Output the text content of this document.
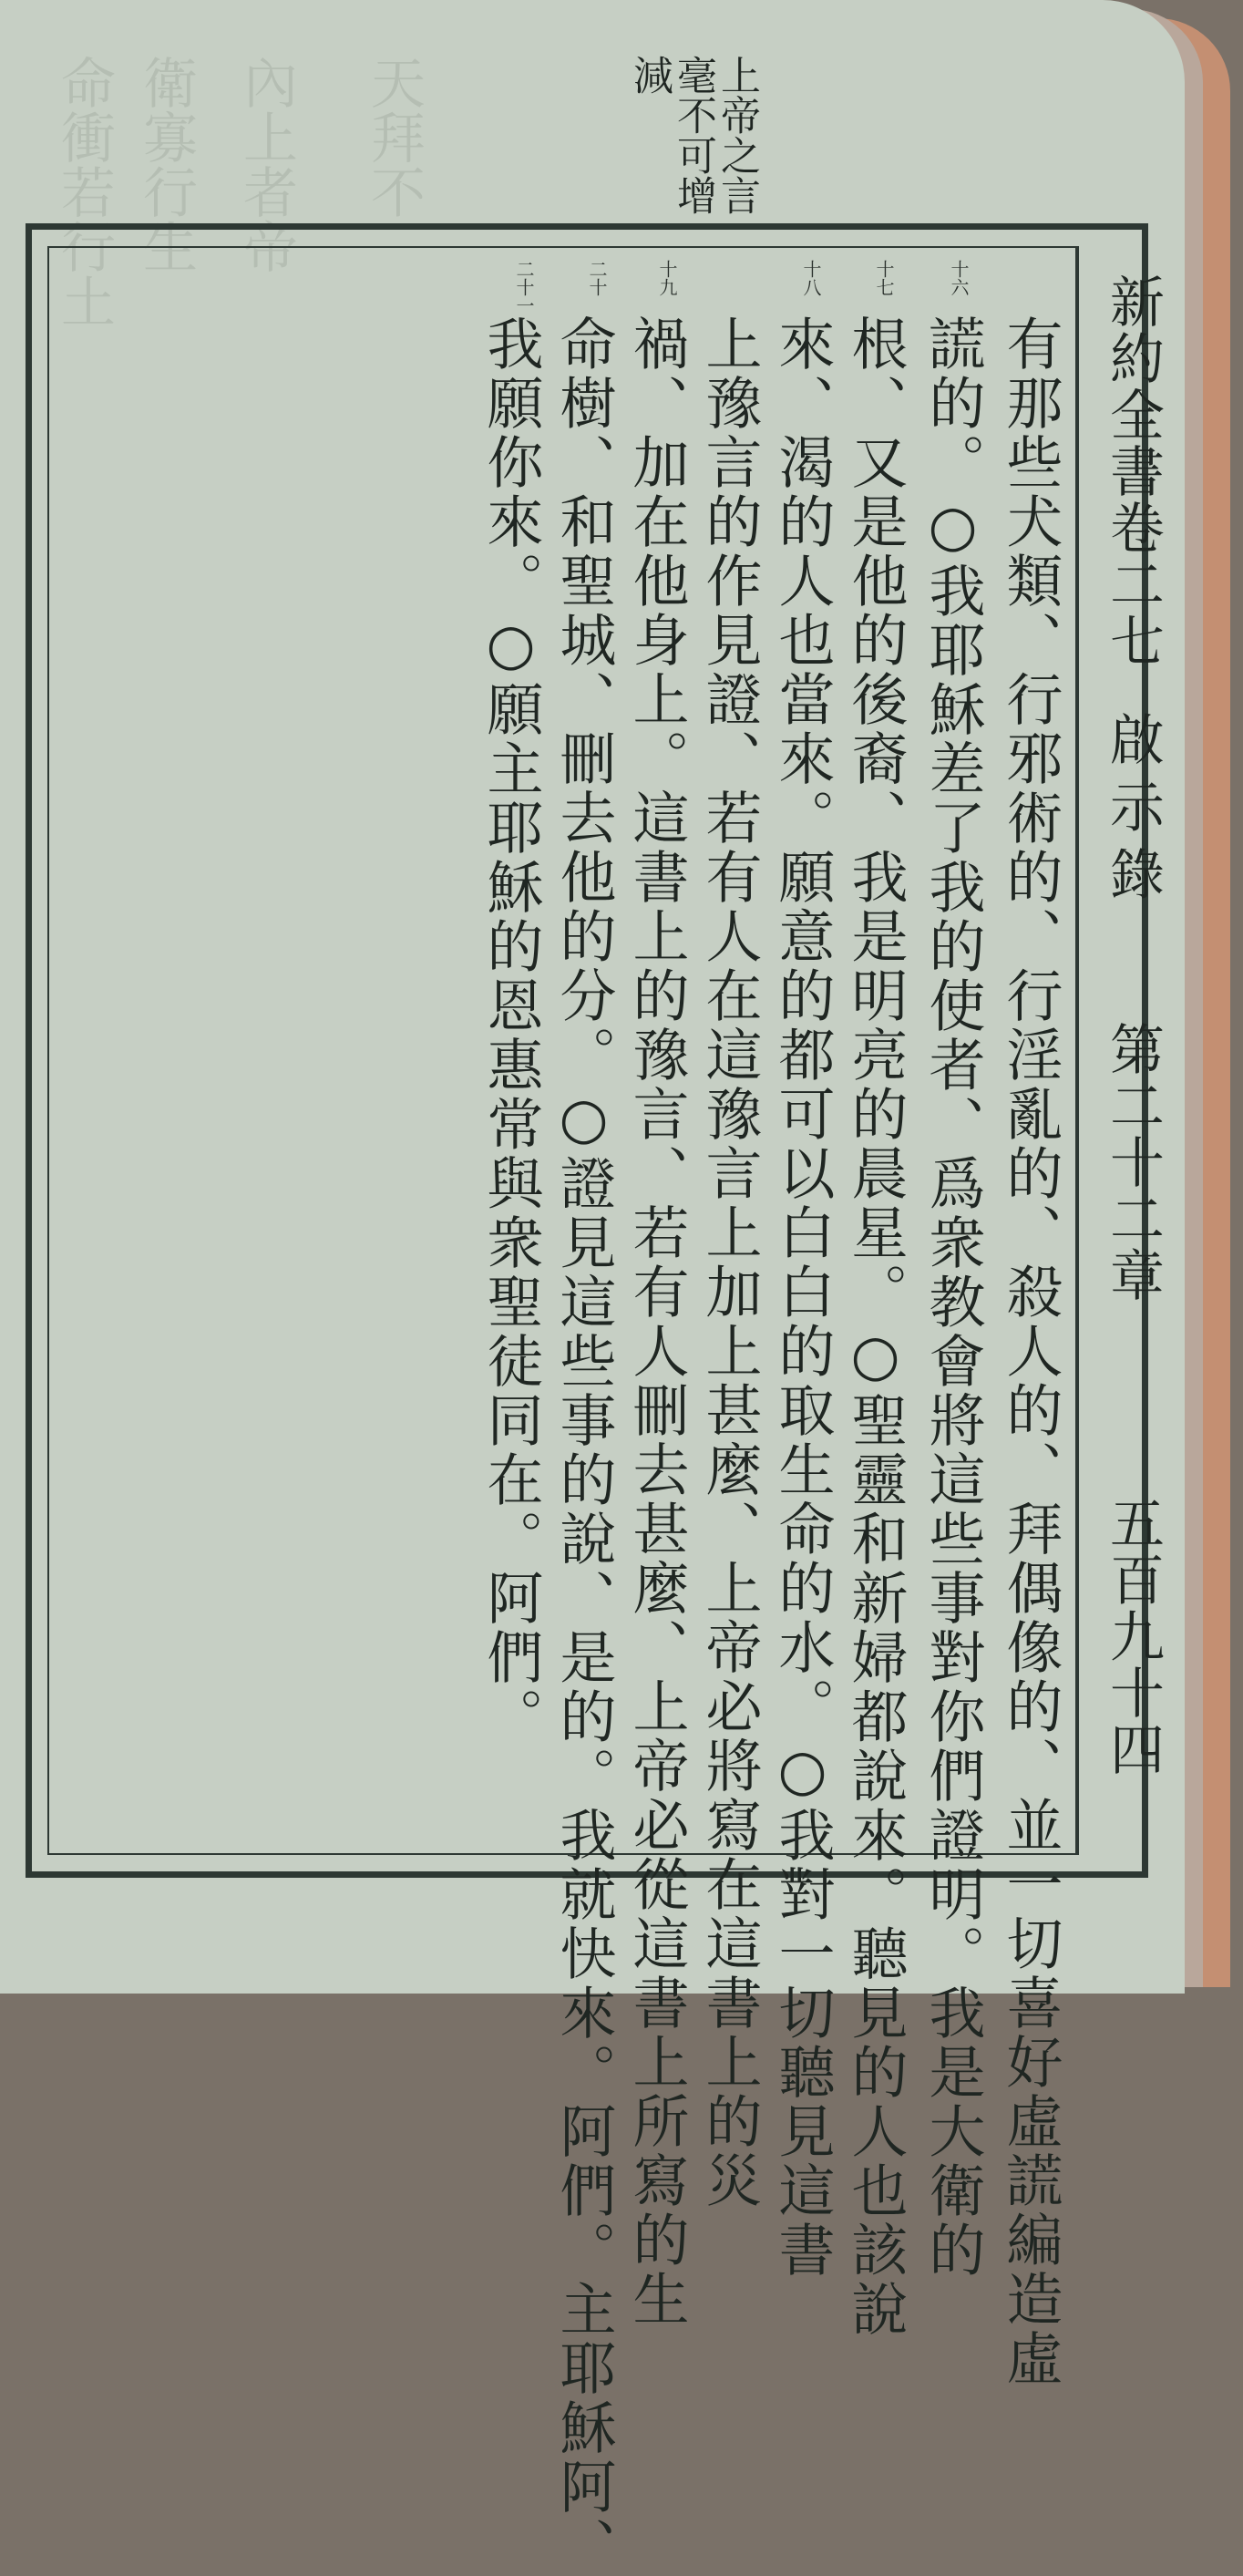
命衝若行土 衛寡行生 內上者帝 天拜不	上帝之言
毫不可增
減
新約全書卷二七
啟示錄
第二十二章
五百九十四
十六
十七
十八
十九
二十
二十一
有那些犬類、行邪術的、行淫亂的、殺人的、拜偶像的、並一切喜好虛謊編造虛
謊的。○我耶穌差了我的使者、爲衆教會將這些事對你們證明。我是大衛的
根、又是他的後裔、我是明亮的晨星。○聖靈和新婦都說來。聽見的人也該說
來、渴的人也當來。願意的都可以白白的取生命的水。○我對一切聽見這書
上豫言的作見證、若有人在這豫言上加上甚麼、上帝必將寫在這書上的災
禍、加在他身上。這書上的豫言、若有人刪去甚麼、上帝必從這書上所寫的生
命樹、和聖城、刪去他的分。○證見這些事的說、是的。我就快來。阿們。主耶穌阿、
我願你來。○願主耶穌的恩惠常與衆聖徒同在。阿們。
